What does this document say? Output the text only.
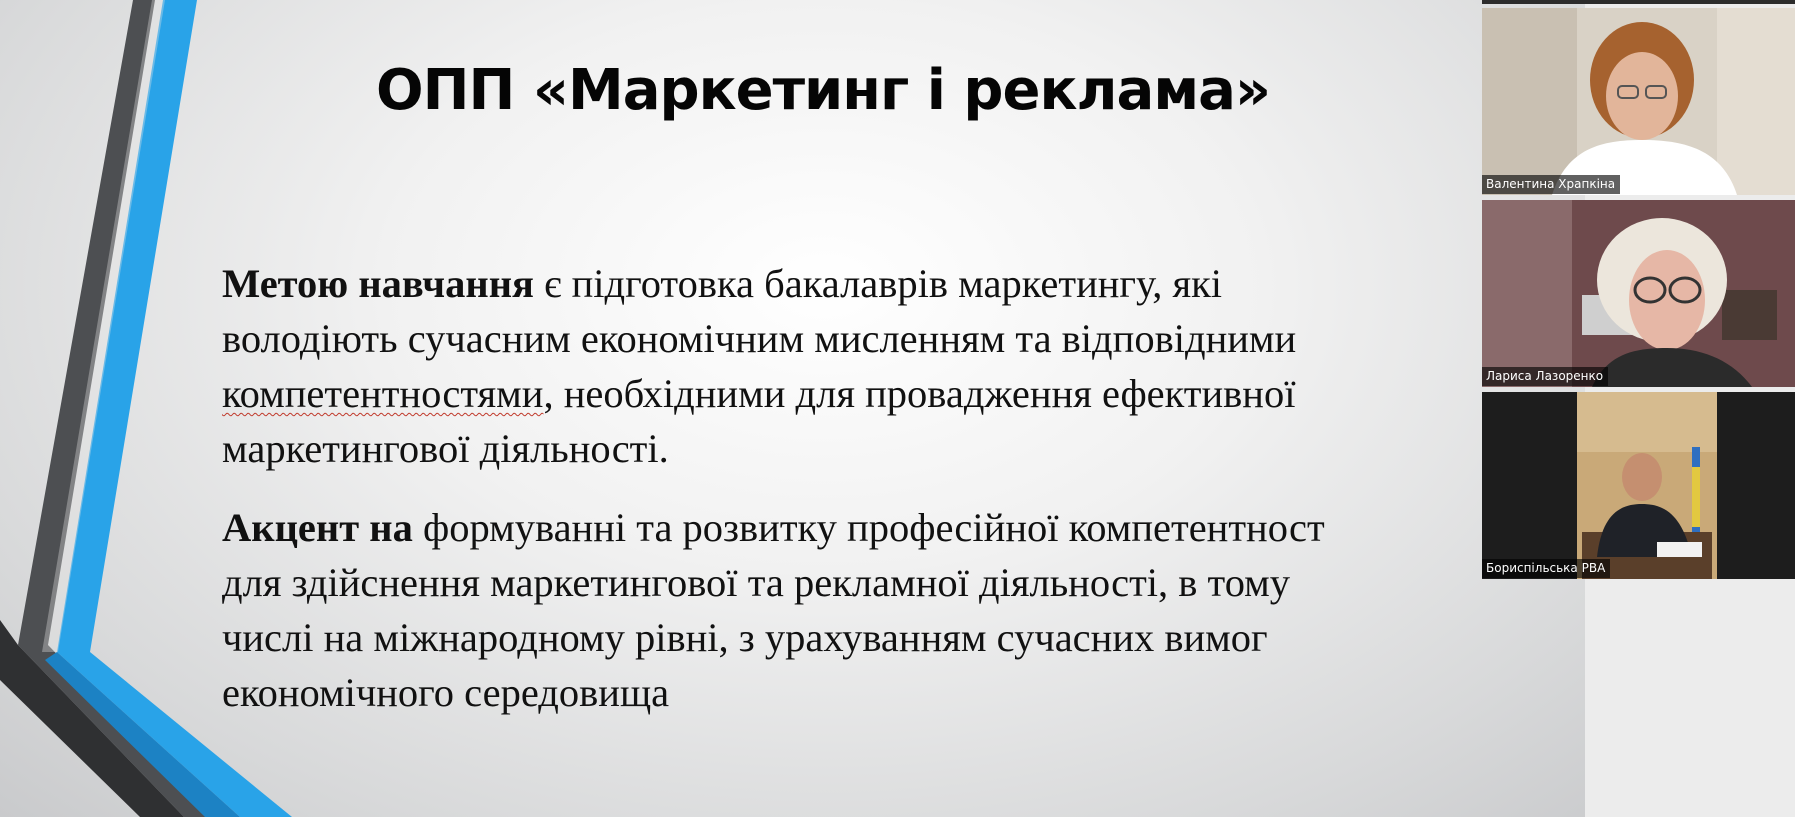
ОПП «Маркетинг і реклама»

Метою навчання є підготовка бакалаврів маркетингу, які
володіють сучасним економічним мисленням та відповідними
компетентностями, необхідними для провадження ефективної
маркетингової діяльності.

Акцент на формуванні та розвитку професійної компетентност
для здійснення маркетингової та рекламної діяльності, в тому
числі на міжнародному рівні, з урахуванням сучасних вимог
економічного середовища

Валентина Храпкіна
Лариса Лазоренко
Бориспільська РВА
